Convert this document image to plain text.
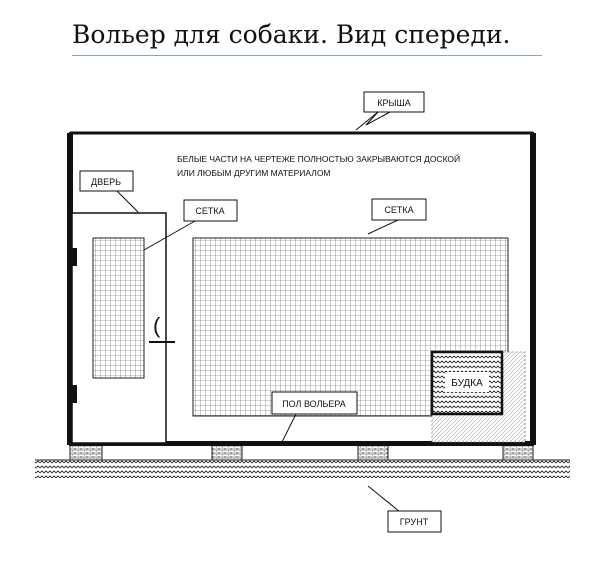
Вольер для собаки. Вид спереди.
(
БУДКА
БЕЛЫЕ ЧАСТИ НА ЧЕРТЕЖЕ ПОЛНОСТЬЮ ЗАКРЫВАЮТСЯ ДОСКОЙ
ИЛИ ЛЮБЫМ ДРУГИМ МАТЕРИАЛОМ
КРЫША
ДВЕРЬ
СЕТКА	СЕТКА
ПОЛ ВОЛЬЕРА
ГРУНТ
